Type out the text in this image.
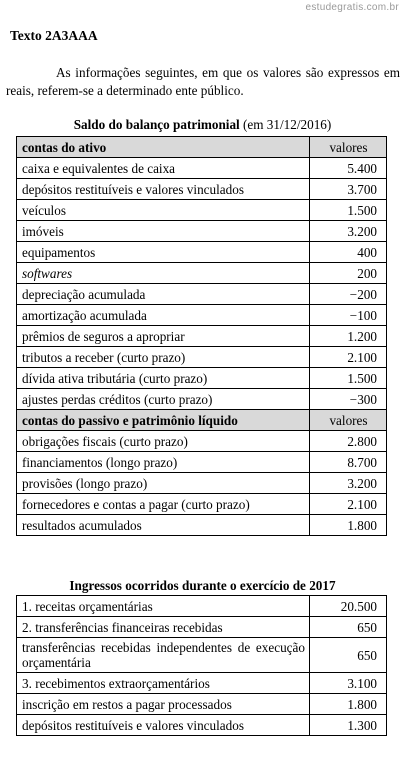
estudegratis.com.br
Texto 2A3AAA
As informações seguintes, em que os valores são expressos em reais, referem-se a determinado ente público.
Saldo do balanço patrimonial (em 31/12/2016)
contas do ativo	valores
caixa e equivalentes de caixa	5.400
depósitos restituíveis e valores vinculados	3.700
veículos	1.500
imóveis	3.200
equipamentos	400
softwares	200
depreciação acumulada	−200
amortização acumulada	−100
prêmios de seguros a apropriar	1.200
tributos a receber (curto prazo)	2.100
dívida ativa tributária (curto prazo)	1.500
ajustes perdas créditos (curto prazo)	−300
contas do passivo e patrimônio líquido	valores
obrigações fiscais (curto prazo)	2.800
financiamentos (longo prazo)	8.700
provisões (longo prazo)	3.200
fornecedores e contas a pagar (curto prazo)	2.100
resultados acumulados	1.800
Ingressos ocorridos durante o exercício de 2017
1. receitas orçamentárias	20.500
2. transferências financeiras recebidas	650
transferências recebidas independentes de execução orçamentária	650
3. recebimentos extraorçamentários	3.100
inscrição em restos a pagar processados	1.800
depósitos restituíveis e valores vinculados	1.300
